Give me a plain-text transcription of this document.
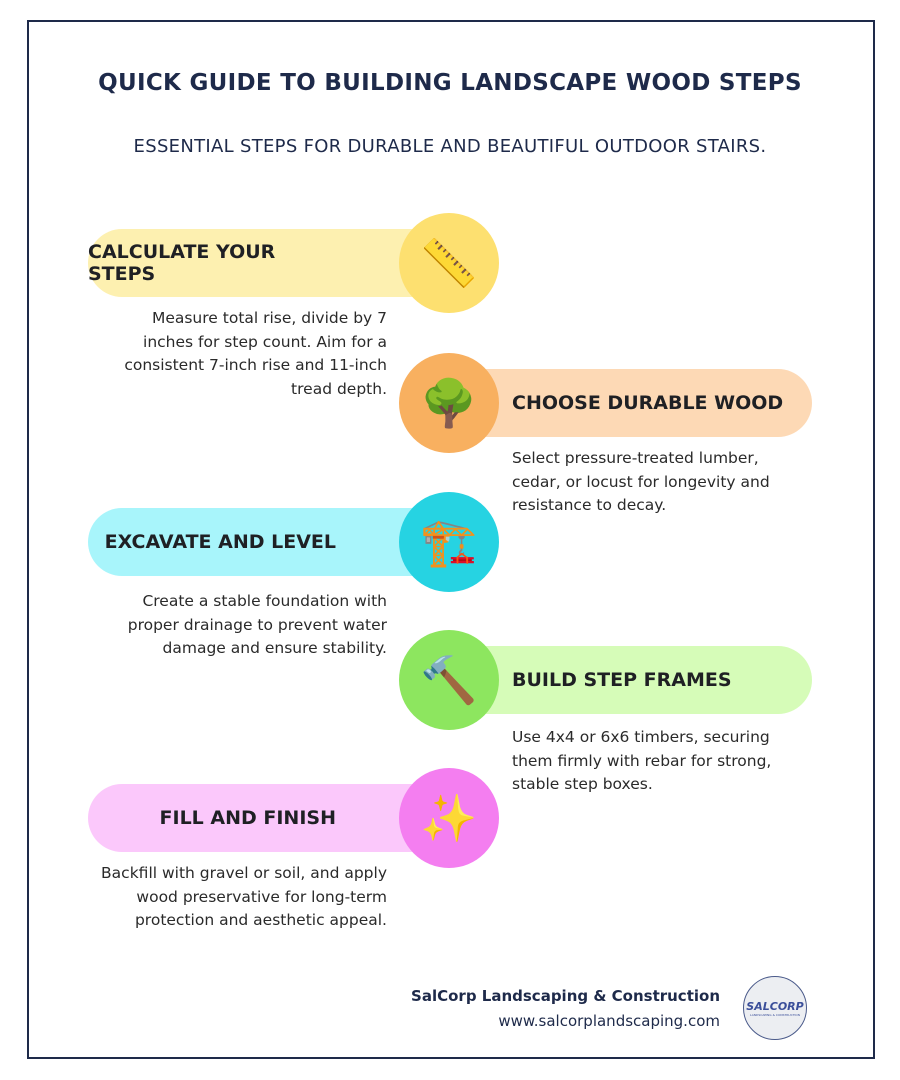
QUICK GUIDE TO BUILDING LANDSCAPE WOOD STEPS
ESSENTIAL STEPS FOR DURABLE AND BEAUTIFUL OUTDOOR STAIRS.
CALCULATE YOUR STEPS	📏
Measure total rise, divide by 7 inches for step count. Aim for a consistent 7-inch rise and 11-inch tread depth.
CHOOSE DURABLE WOOD
🌳
Select pressure-treated lumber, cedar, or locust for longevity and resistance to decay.
EXCAVATE AND LEVEL 🏗️
Create a stable foundation with proper drainage to prevent water damage and ensure stability.
BUILD STEP FRAMES
🔨
Use 4x4 or 6x6 timbers, securing them firmly with rebar for strong, stable step boxes.
FILL AND FINISH ✨
Backfill with gravel or soil, and apply wood preservative for long-term protection and aesthetic appeal.
SalCorp Landscaping & Construction
www.salcorplandscaping.com
SALCORP
LANDSCAPING & CONSTRUCTION
